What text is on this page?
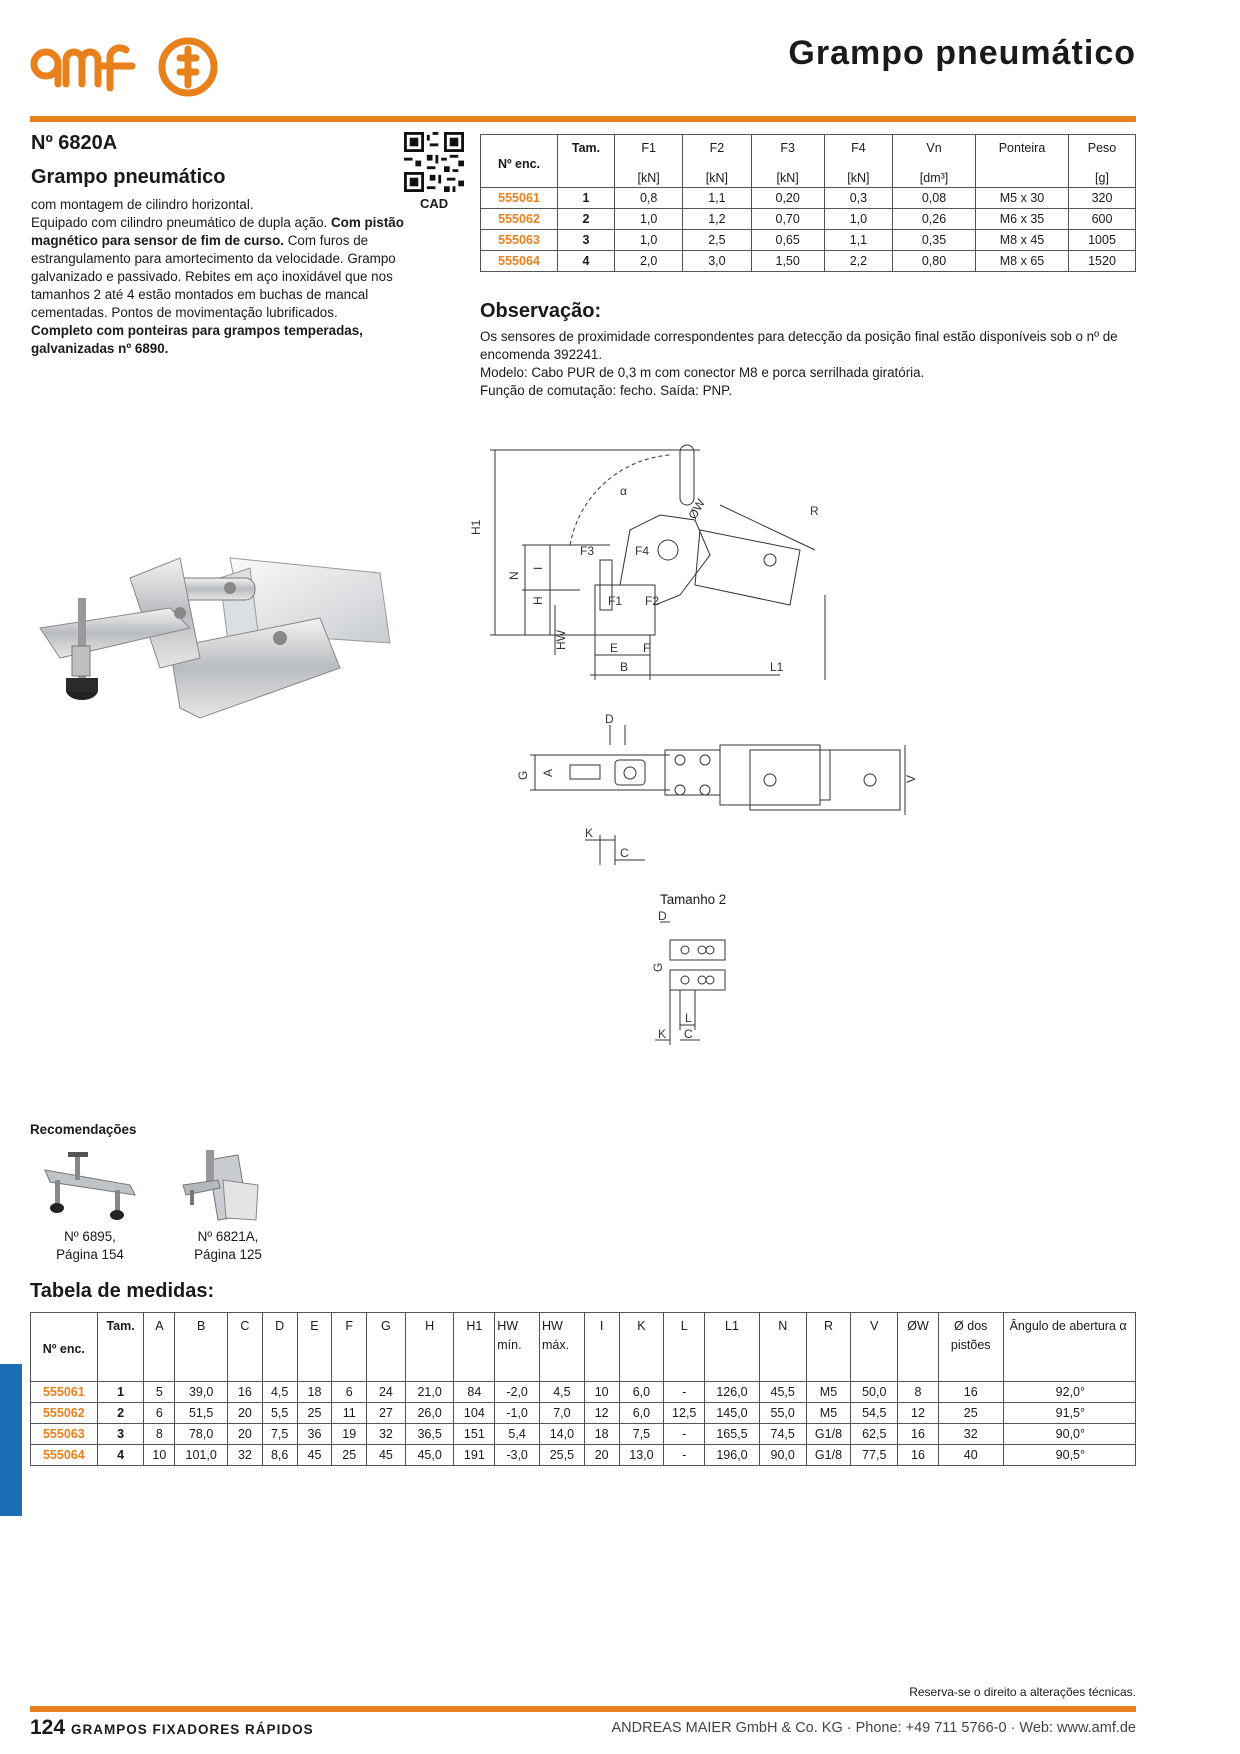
Grampo pneumático
Nº 6820A
Grampo pneumático
CAD
com montagem de cilindro horizontal.
Equipado com cilindro pneumático de dupla ação. Com pistão magnético para sensor de fim de curso. Com furos de estrangulamento para amortecimento da velocidade. Grampo galvanizado e passivado. Rebites em aço inoxidável que nos tamanhos 2 até 4 estão montados em buchas de mancal cementadas. Pontos de movimentação lubrificados.
Completo com ponteiras para grampos temperadas, galvanizadas nº 6890.
Nº enc.	Tam.	F1	F2	F3	F4	Vn	Ponteira	Peso
		[kN]	[kN]	[kN]	[kN]	[dm³]		[g]
555061	1	0,8	1,1	0,20	0,3	0,08	M5 x 30	320
555062	2	1,0	1,2	0,70	1,0	0,26	M6 x 35	600
555063	3	1,0	2,5	0,65	1,1	0,35	M8 x 45	1005
555064	4	2,0	3,0	1,50	2,2	0,80	M8 x 65	1520
Observação:
Os sensores de proximidade correspondentes para detecção da posição final estão disponíveis sob o nº de encomenda 392241.
Modelo: Cabo PUR de 0,3 m com conector M8 e porca serrilhada giratória.
Função de comutação: fecho. Saída: PNP.
H1
N
I
H
HW
F3	F4
F1 F2
α
ØW	R
E F
B	L1
D
G A
V
K
C
Tamanho 2
D
G
L
K C
Recomendações
Nº 6895,
Página 154
Nº 6821A,
Página 125
Tabela de medidas:
Nº enc.	Tam.	A	B	C	D	E	F	G	H	H1	HW mín.	HW máx.	I	K	L	L1	N	R	V	ØW	Ø dos pistões	Ângulo de abertura α
555061	1	5	39,0	16	4,5	18	6	24	21,0	84	-2,0	4,5	10	6,0	-	126,0	45,5	M5	50,0	8	16	92,0°
555062	2	6	51,5	20	5,5	25	11	27	26,0	104	-1,0	7,0	12	6,0	12,5	145,0	55,0	M5	54,5	12	25	91,5°
555063	3	8	78,0	20	7,5	36	19	32	36,5	151	5,4	14,0	18	7,5	-	165,5	74,5	G1/8	62,5	16	32	90,0°
555064	4	10	101,0	32	8,6	45	25	45	45,0	191	-3,0	25,5	20	13,0	-	196,0	90,0	G1/8	77,5	16	40	90,5°
Reserva-se o direito a alterações técnicas.
124 GRAMPOS FIXADORES RÁPIDOS	ANDREAS MAIER GmbH & Co. KG · Phone: +49 711 5766-0 · Web: www.amf.de
